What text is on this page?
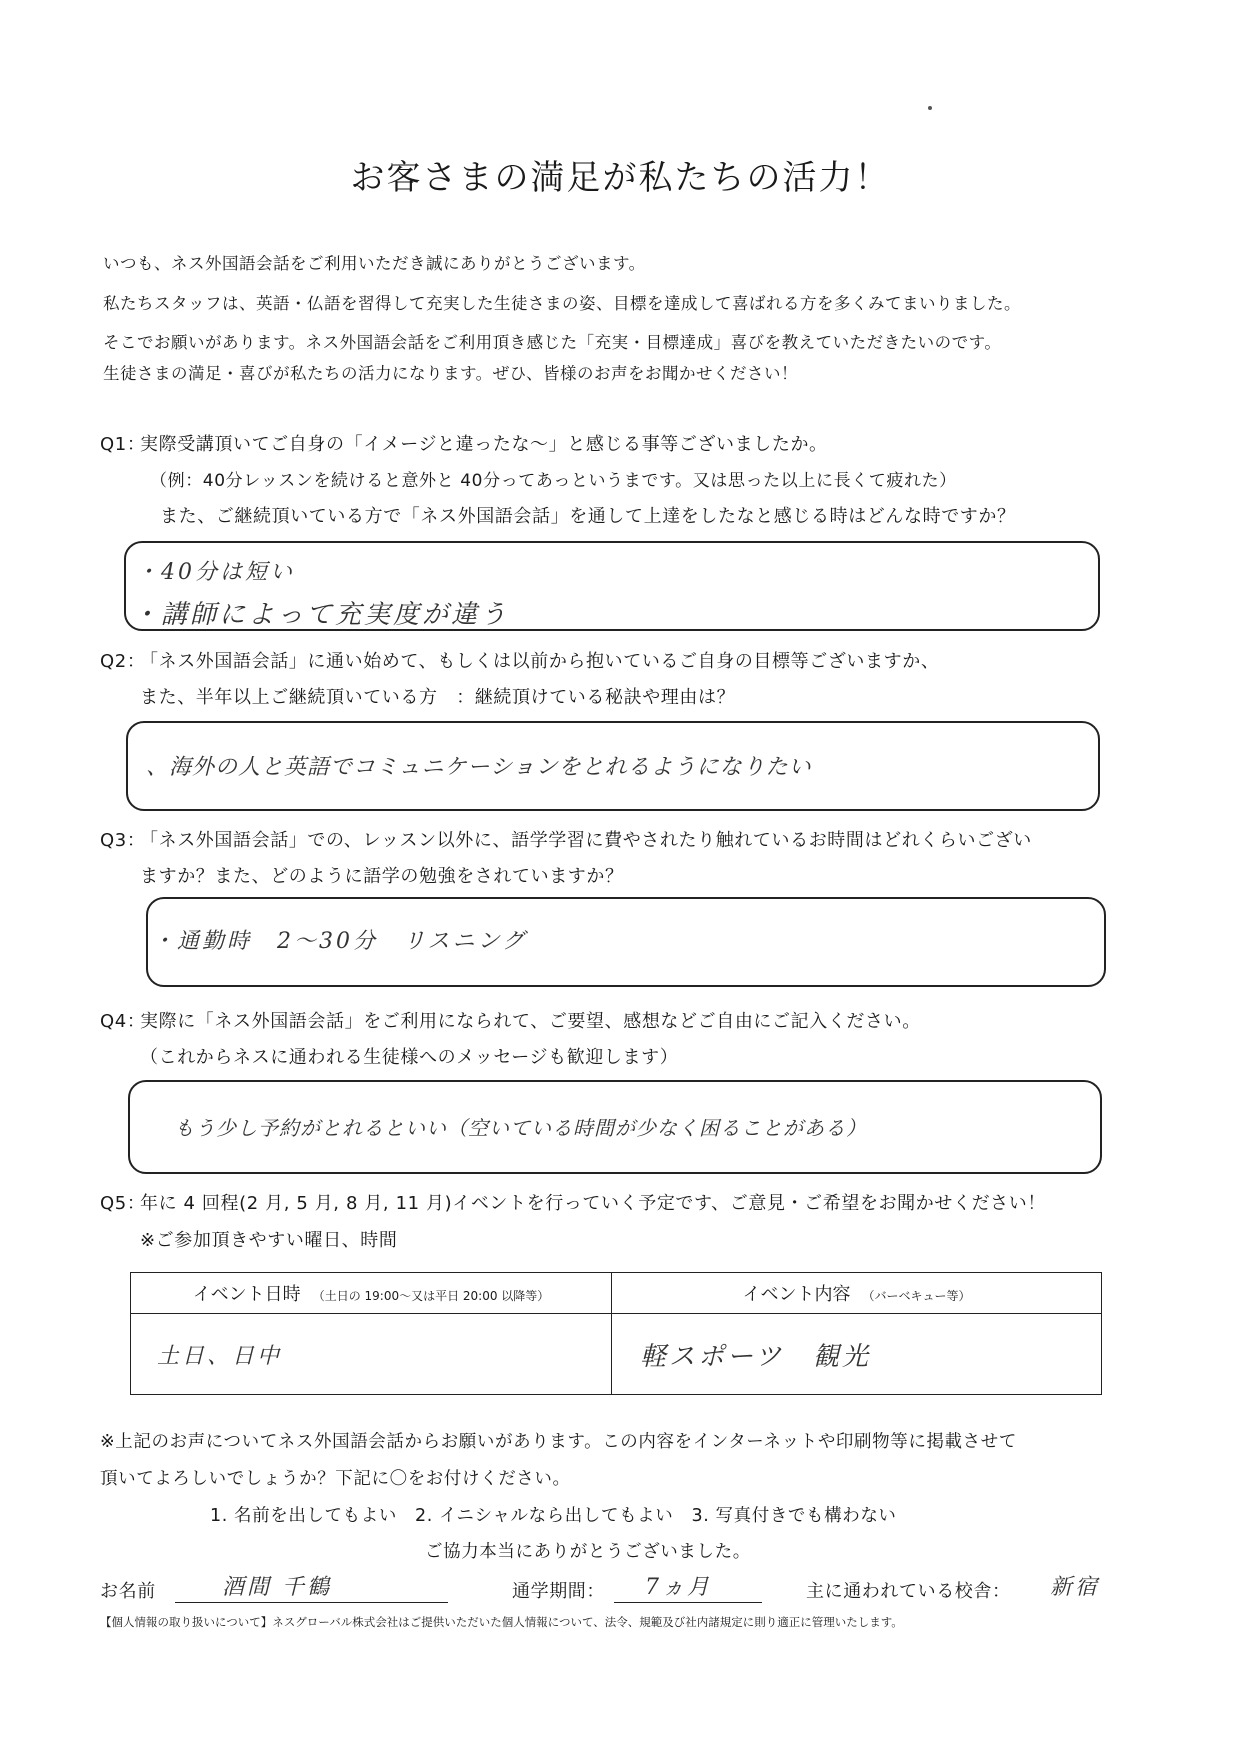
お客さまの満足が私たちの活力！
いつも、ネス外国語会話をご利用いただき誠にありがとうございます。
私たちスタッフは、英語・仏語を習得して充実した生徒さまの姿、目標を達成して喜ばれる方を多くみてまいりました。
そこでお願いがあります。ネス外国語会話をご利用頂き感じた「充実・目標達成」喜びを教えていただきたいのです。
生徒さまの満足・喜びが私たちの活力になります。ぜひ、皆様のお声をお聞かせください！
Q1：
実際受講頂いてご自身の「イメージと違ったな～」と感じる事等ございましたか。
（例：40分レッスンを続けると意外と 40分ってあっというまです。又は思った以上に長くて疲れた）
また、ご継続頂いている方で「ネス外国語会話」を通して上達をしたなと感じる時はどんな時ですか？
・40分は短い
・講師によって充実度が違う
Q2：
「ネス外国語会話」に通い始めて、もしくは以前から抱いているご自身の目標等ございますか、
また、半年以上ご継続頂いている方　：継続頂けている秘訣や理由は？
、海外の人と英語でコミュニケーションをとれるようになりたい
Q3：
「ネス外国語会話」での、レッスン以外に、語学学習に費やされたり触れているお時間はどれくらいござい
ますか？また、どのように語学の勉強をされていますか？
・通勤時　2～30分　リスニング
Q4：
実際に「ネス外国語会話」をご利用になられて、ご要望、感想などご自由にご記入ください。
（これからネスに通われる生徒様へのメッセージも歓迎します）
もう少し予約がとれるといい（空いている時間が少なく困ることがある）
Q5：
年に 4 回程(2 月, 5 月, 8 月, 11 月)イベントを行っていく予定です、ご意見・ご希望をお聞かせください！
※ご参加頂きやすい曜日、時間
イベント日時 （土日の 19:00～又は平日 20:00 以降等）	イベント内容 （バーベキュー等）
土日、日中	軽スポーツ　観光
※上記のお声についてネス外国語会話からお願いがあります。この内容をインターネットや印刷物等に掲載させて
頂いてよろしいでしょうか？下記に〇をお付けください。
1. 名前を出してもよい　2. イニシャルなら出してもよい　3. 写真付きでも構わない
ご協力本当にありがとうございました。
お名前	酒間 千鶴	通学期間： 7ヵ月	主に通われている校舎： 新宿
【個人情報の取り扱いについて】ネスグローバル株式会社はご提供いただいた個人情報について、法令、規範及び社内諸規定に則り適正に管理いたします。
